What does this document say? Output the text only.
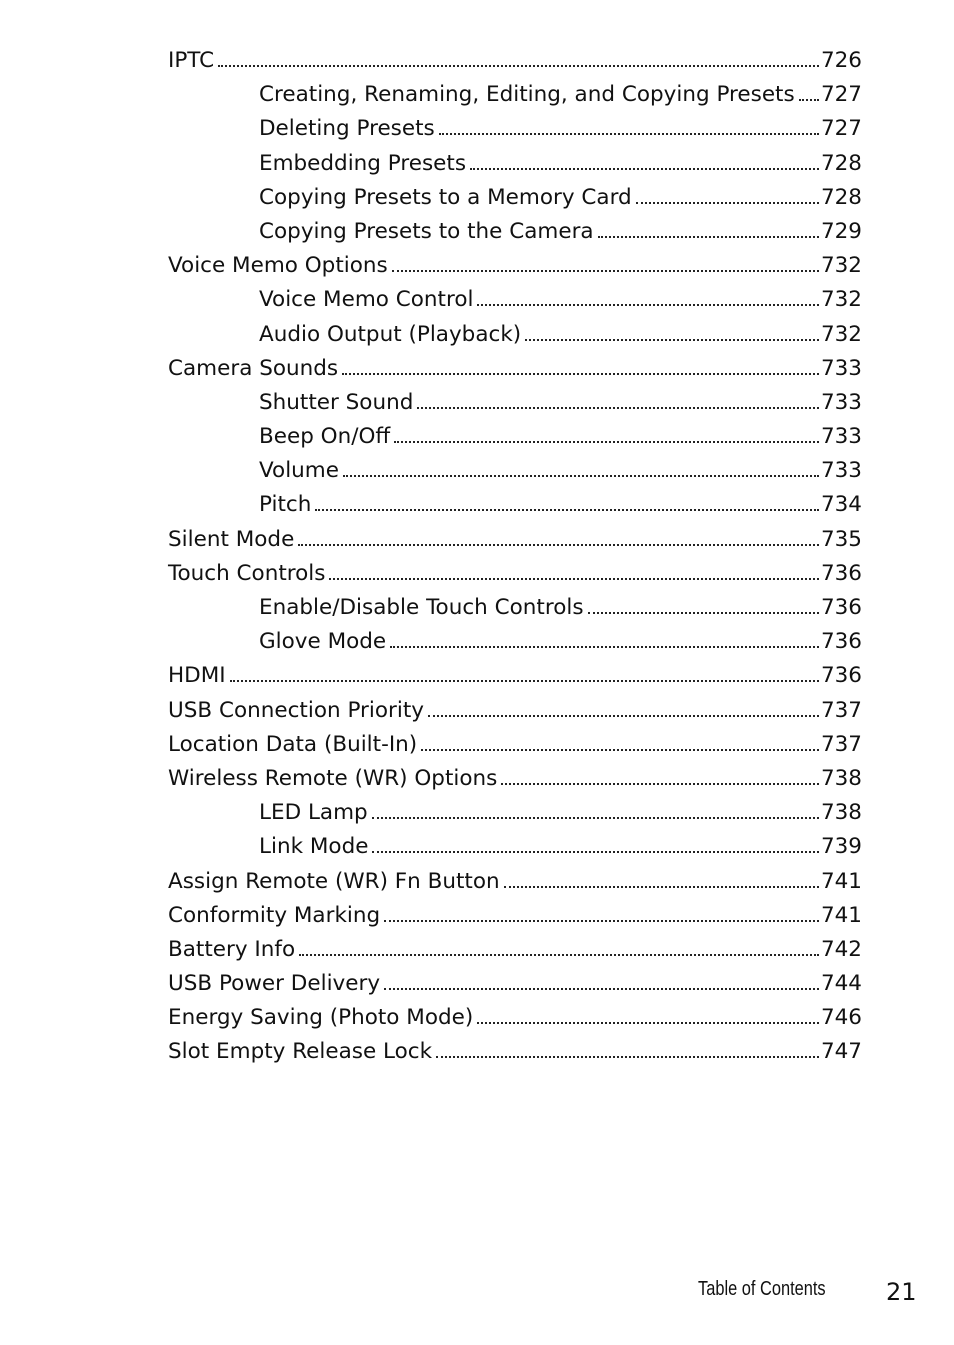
IPTC	726
Creating, Renaming, Editing, and Copying Presets 727
Deleting Presets	727
Embedding Presets	728
Copying Presets to a Memory Card	728
Copying Presets to the Camera	729
Voice Memo Options	732
Voice Memo Control	732
Audio Output (Playback)	732
Camera Sounds	733
Shutter Sound	733
Beep On/Off	733
Volume	733
Pitch	734
Silent Mode	735
Touch Controls	736
Enable/Disable Touch Controls	736
Glove Mode	736
HDMI	736
USB Connection Priority	737
Location Data (Built-In)	737
Wireless Remote (WR) Options	738
LED Lamp	738
Link Mode	739
Assign Remote (WR) Fn Button	741
Conformity Marking	741
Battery Info	742
USB Power Delivery	744
Energy Saving (Photo Mode)	746
Slot Empty Release Lock	747
Table of Contents	21
